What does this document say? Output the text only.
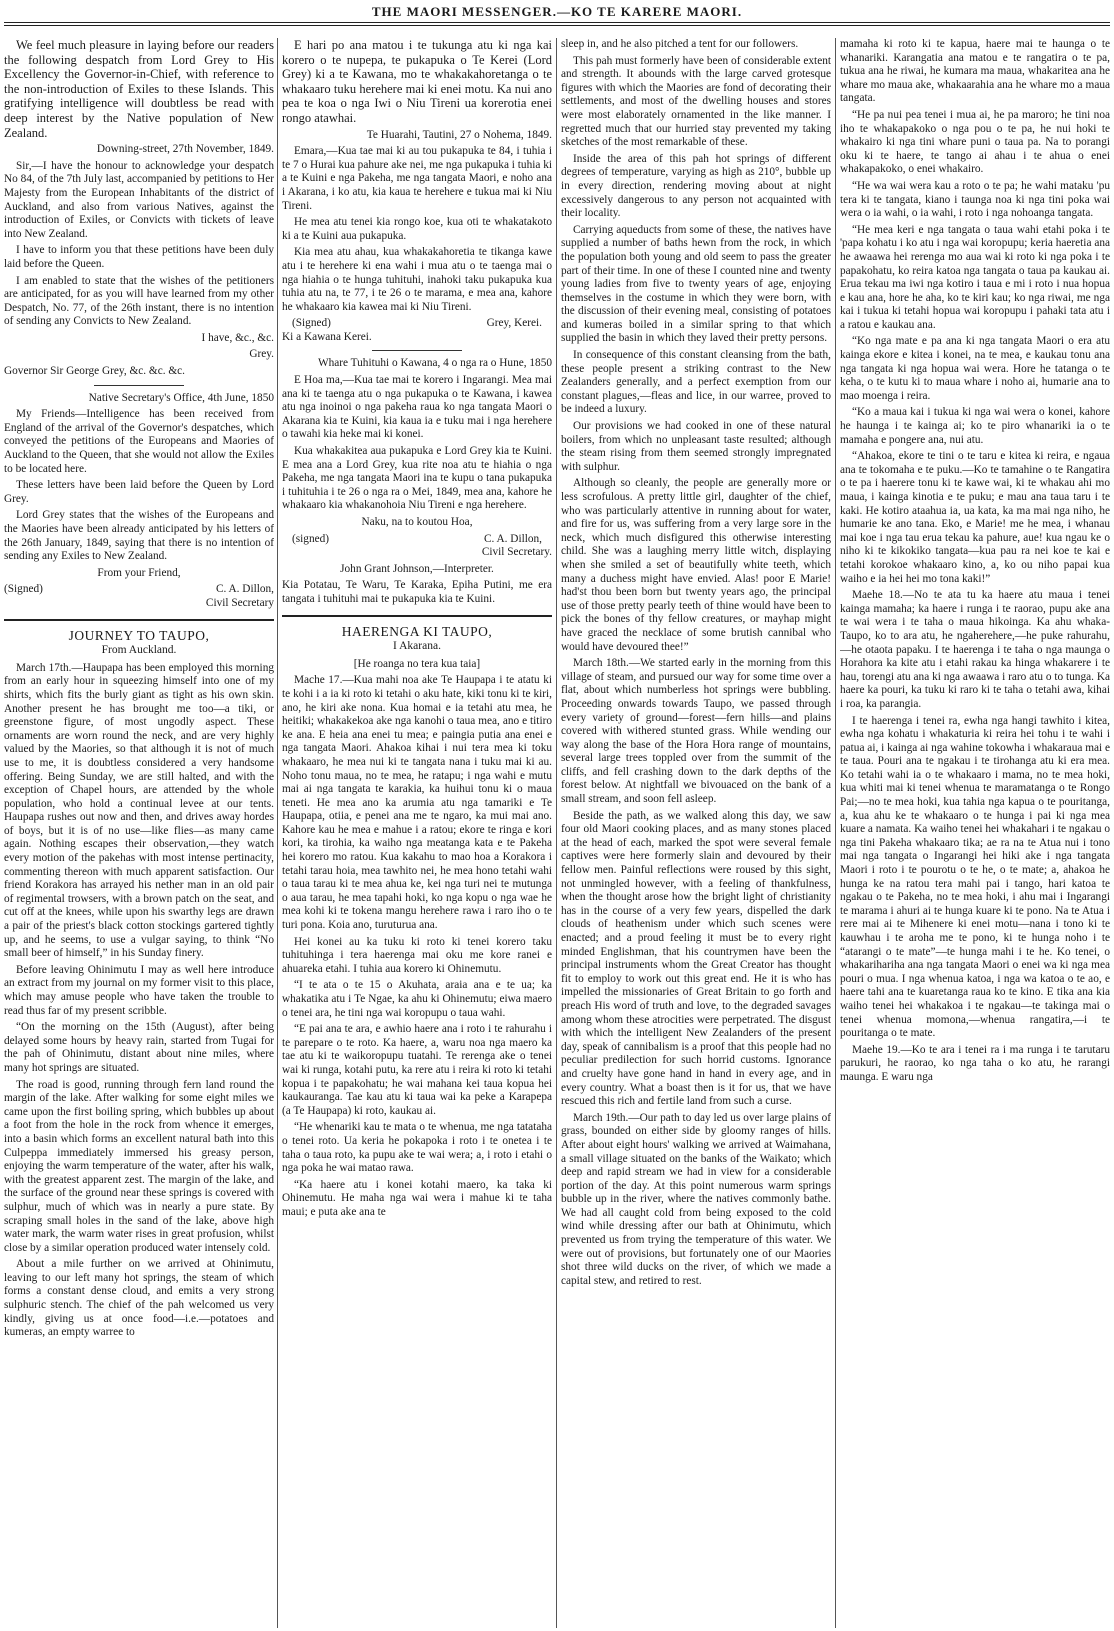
THE MAORI MESSENGER.—KO TE KARERE MAORI.

We feel much pleasure in laying before our readers the following despatch from Lord Grey to His Excellency the Governor-in-Chief, with reference to the non-introduction of Exiles to these Islands. This gratifying intelligence will doubtless be read with deep interest by the Native population of New Zealand.

Downing-street, 27th November, 1849.

Sir,—I have the honour to acknowledge your despatch No 84, of the 7th July last, accompanied by petitions to Her Majesty from the European Inhabitants of the district of Auckland, and also from various Natives, against the introduction of Exiles, or Convicts with tickets of leave into New Zealand.

I have to inform you that these petitions have been duly laid before the Queen.

I am enabled to state that the wishes of the petitioners are anticipated, for as you will have learned from my other Despatch, No. 77, of the 26th instant, there is no intention of sending any Convicts to New Zealand.

I have, &c., &c.

Grey.

Governor Sir George Grey, &c. &c. &c.

Native Secretary's Office, 4th June, 1850

My Friends—Intelligence has been received from England of the arrival of the Governor's despatches, which conveyed the petitions of the Europeans and Maories of Auckland to the Queen, that she would not allow the Exiles to be located here.

These letters have been laid before the Queen by Lord Grey.

Lord Grey states that the wishes of the Europeans and the Maories have been already anticipated by his letters of the 26th January, 1849, saying that there is no intention of sending any Exiles to New Zealand.

From your Friend,

(Signed)	C. A. Dillon,

Civil Secretary

JOURNEY TO TAUPO,

From Auckland.

March 17th.—Haupapa has been employed this morning from an early hour in squeezing himself into one of my shirts, which fits the burly giant as tight as his own skin. Another present he has brought me too—a tiki, or greenstone figure, of most ungodly aspect. These ornaments are worn round the neck, and are very highly valued by the Maories, so that although it is not of much use to me, it is doubtless considered a very handsome offering. Being Sunday, we are still halted, and with the exception of Chapel hours, are attended by the whole population, who hold a continual levee at our tents. Haupapa rushes out now and then, and drives away hordes of boys, but it is of no use—like flies—as many came again. Nothing escapes their observation,—they watch every motion of the pakehas with most intense pertinacity, commenting thereon with much apparent satisfaction. Our friend Korakora has arrayed his nether man in an old pair of regimental trowsers, with a brown patch on the seat, and cut off at the knees, while upon his swarthy legs are drawn a pair of the priest's black cotton stockings gartered tightly up, and he seems, to use a vulgar saying, to think “No small beer of himself,” in his Sunday finery.

Before leaving Ohinimutu I may as well here introduce an extract from my journal on my former visit to this place, which may amuse people who have taken the trouble to read thus far of my present scribble.

“On the morning on the 15th (August), after being delayed some hours by heavy rain, started from Tugai for the pah of Ohinimutu, distant about nine miles, where many hot springs are situated.

The road is good, running through fern land round the margin of the lake. After walking for some eight miles we came upon the first boiling spring, which bubbles up about a foot from the hole in the rock from whence it emerges, into a basin which forms an excellent natural bath into this Culpeppa immediately immersed his greasy person, enjoying the warm temperature of the water, after his walk, with the greatest apparent zest. The margin of the lake, and the surface of the ground near these springs is covered with sulphur, much of which was in nearly a pure state. By scraping small holes in the sand of the lake, above high water mark, the warm water rises in great profusion, whilst close by a similar operation produced water intensely cold.

About a mile further on we arrived at Ohinimutu, leaving to our left many hot springs, the steam of which forms a constant dense cloud, and emits a very strong sulphuric stench. The chief of the pah welcomed us very kindly, giving us at once food—i.e.—potatoes and kumeras, an empty warree to

E hari po ana matou i te tukunga atu ki nga kai korero o te nupepa, te pukapuka o Te Kerei (Lord Grey) ki a te Kawana, mo te whakakahoretanga o te whakaaro tuku herehere mai ki enei motu. Ka nui ano pea te koa o nga Iwi o Niu Tireni ua korerotia enei rongo atawhai.

Te Huarahi, Tautini, 27 o Nohema, 1849.

Emara,—Kua tae mai ki au tou pukapuka te 84, i tuhia i te 7 o Hurai kua pahure ake nei, me nga pukapuka i tuhia ki a te Kuini e nga Pakeha, me nga tangata Maori, e noho ana i Akarana, i ko atu, kia kaua te herehere e tukua mai ki Niu Tireni.

He mea atu tenei kia rongo koe, kua oti te whakatakoto ki a te Kuini aua pukapuka.

Kia mea atu ahau, kua whakakahoretia te tikanga kawe atu i te herehere ki ena wahi i mua atu o te taenga mai o nga hiahia o te hunga tuhituhi, inahoki taku pukapuka kua tuhia atu na, te 77, i te 26 o te marama, e mea ana, kahore he whakaaro kia kawea mai ki Niu Tireni.

(Signed)	Grey, Kerei.

Ki a Kawana Kerei.

Whare Tuhituhi o Kawana, 4 o nga ra o Hune, 1850

E Hoa ma,—Kua tae mai te korero i Ingarangi. Mea mai ana ki te taenga atu o nga pukapuka o te Kawana, i kawea atu nga inoinoi o nga pakeha raua ko nga tangata Maori o Akarana kia te Kuini, kia kaua ia e tuku mai i nga herehere o tawahi kia heke mai ki konei.

Kua whakakitea aua pukapuka e Lord Grey kia te Kuini. E mea ana a Lord Grey, kua rite noa atu te hiahia o nga Pakeha, me nga tangata Maori ina te kupu o tana pukapuka i tuhituhia i te 26 o nga ra o Mei, 1849, mea ana, kahore he whakaaro kia whakanohoia Niu Tireni e nga herehere.

Naku, na to koutou Hoa,

(signed)	C. A. Dillon,

Civil Secretary.

John Grant Johnson,—Interpreter.

Kia Potatau, Te Waru, Te Karaka, Epiha Putini, me era tangata i tuhituhi mai te pukapuka kia te Kuini.

HAERENGA KI TAUPO,

I Akarana.

[He roanga no tera kua taia]

Mache 17.—Kua mahi noa ake Te Haupapa i te atatu ki te kohi i a ia ki roto ki tetahi o aku hate, kiki tonu ki te kiri, ano, he kiri ake nona. Kua homai e ia tetahi atu mea, he heitiki; whakakekoa ake nga kanohi o taua mea, ano e titiro ke ana. E heia ana enei tu mea; e paingia putia ana enei e nga tangata Maori. Ahakoa kihai i nui tera mea ki toku whakaaro, he mea nui ki te tangata nana i tuku mai ki au. Noho tonu maua, no te mea, he ratapu; i nga wahi e mutu mai ai nga tangata te karakia, ka huihui tonu ki o maua teneti. He mea ano ka arumia atu nga tamariki e Te Haupapa, otiia, e penei ana me te ngaro, ka mui mai ano. Kahore kau he mea e mahue i a ratou; ekore te ringa e kori kori, ka tirohia, ka waiho nga meatanga kata e te Pakeha hei korero mo ratou. Kua kakahu to mao hoa a Korakora i tetahi tarau hoia, mea tawhito nei, he mea hono tetahi wahi o taua tarau ki te mea ahua ke, kei nga turi nei te mutunga o aua tarau, he mea tapahi hoki, ko nga kopu o nga wae he mea kohi ki te tokena mangu herehere rawa i raro iho o te turi pona. Koia ano, turuturua ana.

Hei konei au ka tuku ki roto ki tenei korero taku tuhituhinga i tera haerenga mai oku me kore ranei e ahuareka etahi. I tuhia aua korero ki Ohinemutu.

“I te ata o te 15 o Akuhata, araia ana e te ua; ka whakatika atu i Te Ngae, ka ahu ki Ohinemutu; eiwa maero o tenei ara, he tini nga wai koropupu o taua wahi.

“E pai ana te ara, e awhio haere ana i roto i te rahurahu i te parepare o te roto. Ka haere, a, waru noa nga maero ka tae atu ki te waikoropupu tuatahi. Te rerenga ake o tenei wai ki runga, kotahi putu, ka rere atu i reira ki roto ki tetahi kopua i te papakohatu; he wai mahana kei taua kopua hei kaukauranga. Tae kau atu ki taua wai ka peke a Karapepa (a Te Haupapa) ki roto, kaukau ai.

“He whenariki kau te mata o te whenua, me nga tatataha o tenei roto. Ua keria he pokapoka i roto i te onetea i te taha o taua roto, ka pupu ake te wai wera; a, i roto i etahi o nga poka he wai matao rawa.

“Ka haere atu i konei kotahi maero, ka taka ki Ohinemutu. He maha nga wai wera i mahue ki te taha maui; e puta ake ana te

sleep in, and he also pitched a tent for our followers.

This pah must formerly have been of considerable extent and strength. It abounds with the large carved grotesque figures with which the Maories are fond of decorating their settlements, and most of the dwelling houses and stores were most elaborately ornamented in the like manner. I regretted much that our hurried stay prevented my taking sketches of the most remarkable of these.

Inside the area of this pah hot springs of different degrees of temperature, varying as high as 210°, bubble up in every direction, rendering moving about at night excessively dangerous to any person not acquainted with their locality.

Carrying aqueducts from some of these, the natives have supplied a number of baths hewn from the rock, in which the population both young and old seem to pass the greater part of their time. In one of these I counted nine and twenty young ladies from five to twenty years of age, enjoying themselves in the costume in which they were born, with the discussion of their evening meal, consisting of potatoes and kumeras boiled in a similar spring to that which supplied the basin in which they laved their pretty persons.

In consequence of this constant cleansing from the bath, these people present a striking contrast to the New Zealanders generally, and a perfect exemption from our constant plagues,—fleas and lice, in our warree, proved to be indeed a luxury.

Our provisions we had cooked in one of these natural boilers, from which no unpleasant taste resulted; although the steam rising from them seemed strongly impregnated with sulphur.

Although so cleanly, the people are generally more or less scrofulous. A pretty little girl, daughter of the chief, who was particularly attentive in running about for water, and fire for us, was suffering from a very large sore in the neck, which much disfigured this otherwise interesting child. She was a laughing merry little witch, displaying when she smiled a set of beautifully white teeth, which many a duchess might have envied. Alas! poor E Marie! had'st thou been born but twenty years ago, the principal use of those pretty pearly teeth of thine would have been to pick the bones of thy fellow creatures, or mayhap might have graced the necklace of some brutish cannibal who would have devoured thee!”

March 18th.—We started early in the morning from this village of steam, and pursued our way for some time over a flat, about which numberless hot springs were bubbling. Proceeding onwards towards Taupo, we passed through every variety of ground—forest—fern hills—and plains covered with withered stunted grass. While wending our way along the base of the Hora Hora range of mountains, several large trees toppled over from the summit of the cliffs, and fell crashing down to the dark depths of the forest below. At nightfall we bivouaced on the bank of a small stream, and soon fell asleep.

Beside the path, as we walked along this day, we saw four old Maori cooking places, and as many stones placed at the head of each, marked the spot were several female captives were here formerly slain and devoured by their fellow men. Painful reflections were roused by this sight, not unmingled however, with a feeling of thankfulness, when the thought arose how the bright light of christianity has in the course of a very few years, dispelled the dark clouds of heathenism under which such scenes were enacted; and a proud feeling it must be to every right minded Englishman, that his countrymen have been the principal instruments whom the Great Creator has thought fit to employ to work out this great end. He it is who has impelled the missionaries of Great Britain to go forth and preach His word of truth and love, to the degraded savages among whom these atrocities were perpetrated. The disgust with which the intelligent New Zealanders of the present day, speak of cannibalism is a proof that this people had no peculiar predilection for such horrid customs. Ignorance and cruelty have gone hand in hand in every age, and in every country. What a boast then is it for us, that we have rescued this rich and fertile land from such a curse.

March 19th.—Our path to day led us over large plains of grass, bounded on either side by gloomy ranges of hills. After about eight hours' walking we arrived at Waimahana, a small village situated on the banks of the Waikato; which deep and rapid stream we had in view for a considerable portion of the day. At this point numerous warm springs bubble up in the river, where the natives commonly bathe. We had all caught cold from being exposed to the cold wind while dressing after our bath at Ohinimutu, which prevented us from trying the temperature of this water. We were out of provisions, but fortunately one of our Maories shot three wild ducks on the river, of which we made a capital stew, and retired to rest.

mamaha ki roto ki te kapua, haere mai te haunga o te whanariki. Karangatia ana matou e te rangatira o te pa, tukua ana he riwai, he kumara ma maua, whakaritea ana he whare mo maua ake, whakaarahia ana he whare mo a maua tangata.

“He pa nui pea tenei i mua ai, he pa maroro; he tini noa iho te whakapakoko o nga pou o te pa, he nui hoki te whakairo ki nga tini whare puni o taua pa. Na to porangi oku ki te haere, te tango ai ahau i te ahua o enei whakapakoko, o enei whakairo.

“He wa wai wera kau a roto o te pa; he wahi mataku 'pu tera ki te tangata, kiano i taunga noa ki nga tini poka wai wera o ia wahi, o ia wahi, i roto i nga nohoanga tangata.

“He mea keri e nga tangata o taua wahi etahi poka i te 'papa kohatu i ko atu i nga wai koropupu; keria haeretia ana he awaawa hei rerenga mo aua wai ki roto ki nga poka i te papakohatu, ko reira katoa nga tangata o taua pa kaukau ai. Erua tekau ma iwi nga kotiro i taua e mi i roto i nua hopua e kau ana, hore he aha, ko te kiri kau; ko nga riwai, me nga kai i tukua ki tetahi hopua wai koropupu i pahaki tata atu i a ratou e kaukau ana.

“Ko nga mate e pa ana ki nga tangata Maori o era atu kainga ekore e kitea i konei, na te mea, e kaukau tonu ana nga tangata ki nga hopua wai wera. Hore he tatanga o te keha, o te kutu ki to maua whare i noho ai, humarie ana to mao moenga i reira.

“Ko a maua kai i tukua ki nga wai wera o konei, kahore he haunga i te kainga ai; ko te piro whanariki ia o te mamaha e pongere ana, nui atu.

“Ahakoa, ekore te tini o te taru e kitea ki reira, e ngaua ana te tokomaha e te puku.—Ko te tamahine o te Rangatira o te pa i haerere tonu ki te kawe wai, ki te whakau ahi mo maua, i kainga kinotia e te puku; e mau ana taua taru i te kaki. He kotiro ataahua ia, ua kata, ka ma mai nga niho, he humarie ke ano tana. Eko, e Marie! me he mea, i whanau mai koe i nga tau erua tekau ka pahure, aue! kua ngau ke o niho ki te kikokiko tangata—kua pau ra nei koe te kai e tetahi korokoe whakaaro kino, a, ko ou niho papai kua waiho e ia hei hei mo tona kaki!”

Maehe 18.—No te ata tu ka haere atu maua i tenei kainga mamaha; ka haere i runga i te raorao, pupu ake ana te wai wera i te taha o maua hikoinga. Ka ahu whaka-Taupo, ko to ara atu, he ngaherehere,—he puke rahurahu,—he otaota papaku. I te haerenga i te taha o nga maunga o Horahora ka kite atu i etahi rakau ka hinga whakarere i te hau, torengi atu ana ki nga awaawa i raro atu o to tunga. Ka haere ka pouri, ka tuku ki raro ki te taha o tetahi awa, kihai i roa, ka parangia.

I te haerenga i tenei ra, ewha nga hangi tawhito i kitea, ewha nga kohatu i whakaturia ki reira hei tohu i te wahi i patua ai, i kainga ai nga wahine tokowha i whakaraua mai e te taua. Pouri ana te ngakau i te tirohanga atu ki era mea. Ko tetahi wahi ia o te whakaaro i mama, no te mea hoki, kua whiti mai ki tenei whenua te maramatanga o te Rongo Pai;—no te mea hoki, kua tahia nga kapua o te pouritanga, a, kua ahu ke te whakaaro o te hunga i pai ki nga mea kuare a namata. Ka waiho tenei hei whakahari i te ngakau o nga tini Pakeha whakaaro tika; ae ra na te Atua nui i tono mai nga tangata o Ingarangi hei hiki ake i nga tangata Maori i roto i te pourotu o te he, o te mate; a, ahakoa he hunga ke na ratou tera mahi pai i tango, hari katoa te ngakau o te Pakeha, no te mea hoki, i ahu mai i Ingarangi te marama i ahuri ai te hunga kuare ki te pono. Na te Atua i rere mai ai te Mihenere ki enei motu—nana i tono ki te kauwhau i te aroha me te pono, ki te hunga noho i te “atarangi o te mate”—te hunga mahi i te he. Ko tenei, o whakarihariha ana nga tangata Maori o enei wa ki nga mea pouri o mua. I nga whenua katoa, i nga wa katoa o te ao, e haere tahi ana te kuaretanga raua ko te kino. E tika ana kia waiho tenei hei whakakoa i te ngakau—te takinga mai o tenei whenua momona,—whenua rangatira,—i te pouritanga o te mate.

Maehe 19.—Ko te ara i tenei ra i ma runga i te tarutaru parukuri, he raorao, ko nga taha o ko atu, he rarangi maunga. E waru nga
